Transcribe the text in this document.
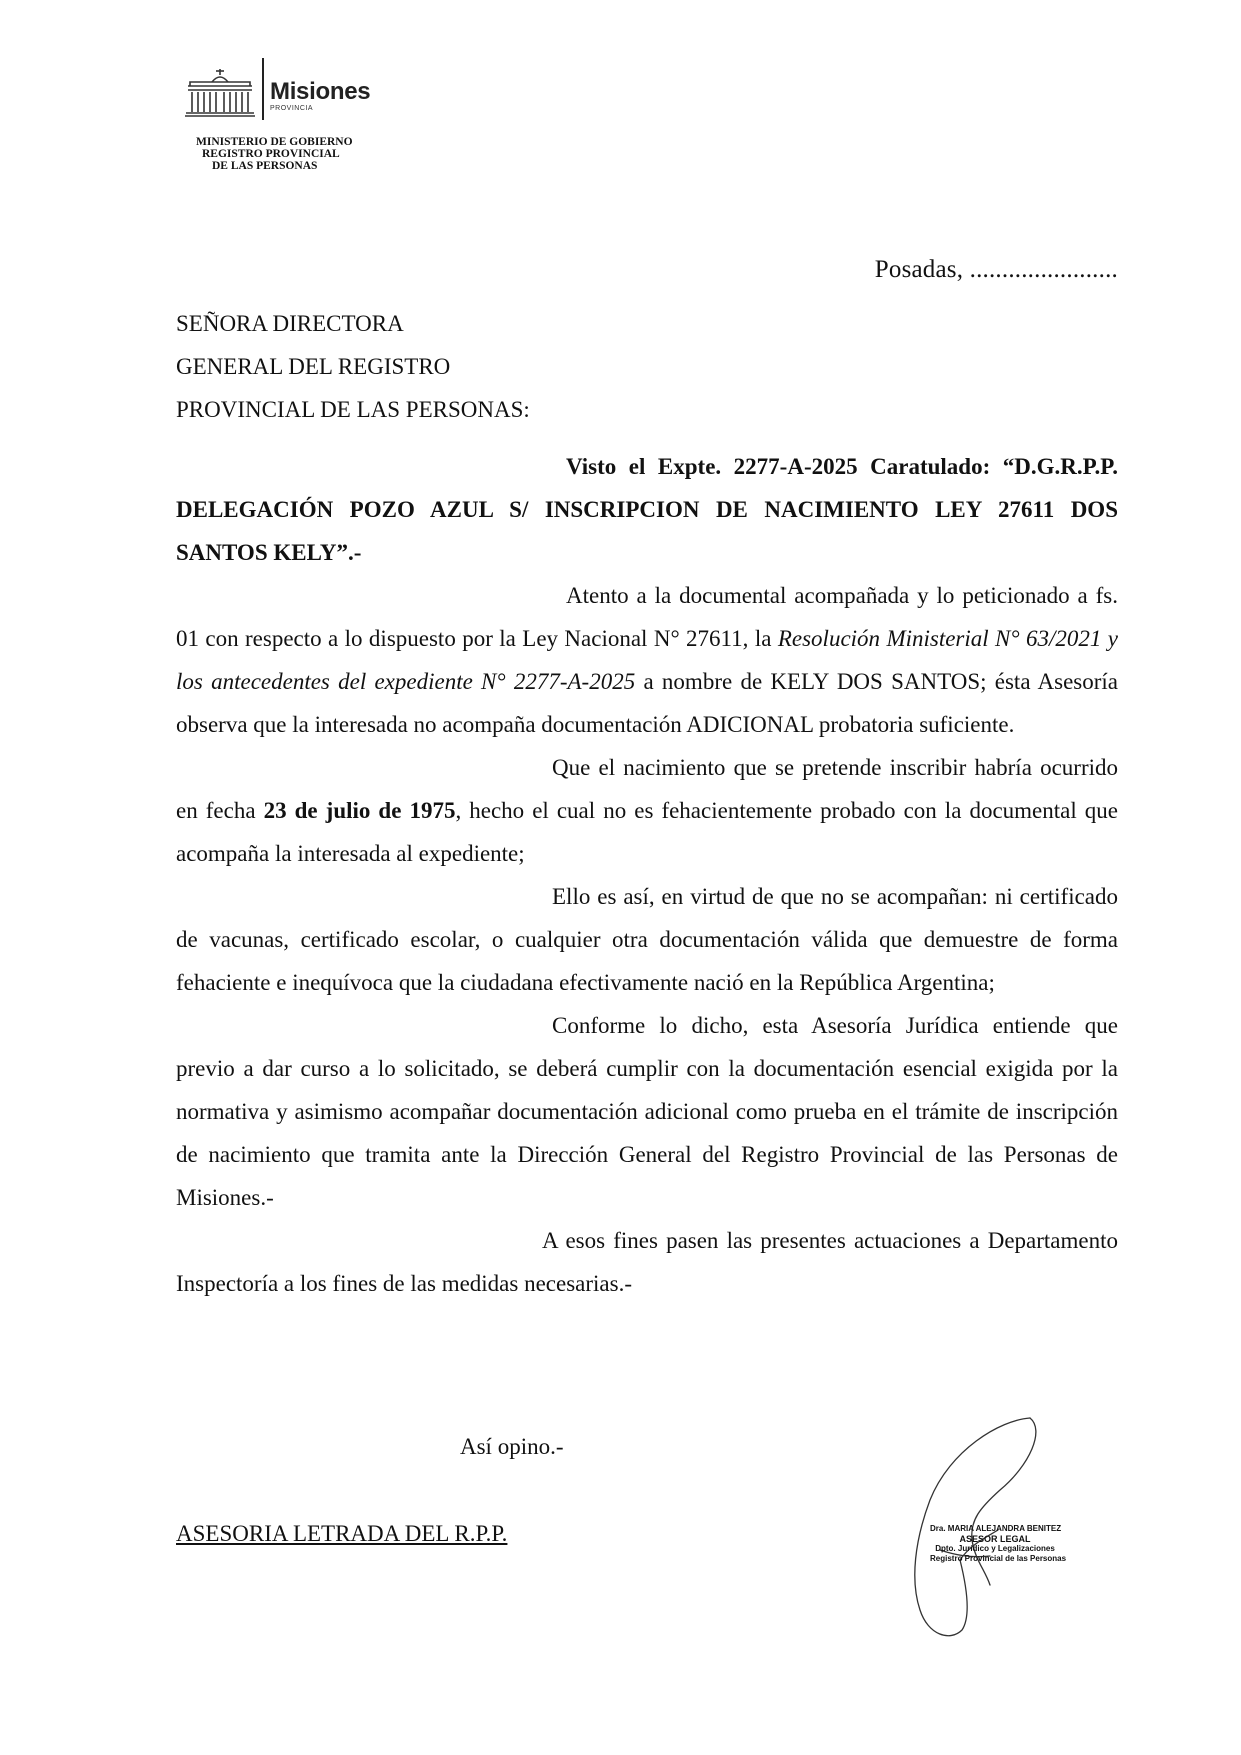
Misiones
PROVINCIA
MINISTERIO DE GOBIERNO
REGISTRO PROVINCIAL
DE LAS PERSONAS
Posadas, .......................
SEÑORA DIRECTORA
GENERAL DEL REGISTRO
PROVINCIAL DE LAS PERSONAS:

Visto el Expte. 2277-A-2025 Caratulado: “D.G.R.P.P. DELEGACIÓN POZO AZUL S/ INSCRIPCION DE NACIMIENTO LEY 27611 DOS SANTOS KELY”.-

Atento a la documental acompañada y lo peticionado a fs. 01 con respecto a lo dispuesto por la Ley Nacional N° 27611, la Resolución Ministerial N° 63/2021 y los antecedentes del expediente N° 2277-A-2025 a nombre de KELY DOS SANTOS; ésta Asesoría observa que la interesada no acompaña documentación ADICIONAL probatoria suficiente.

Que el nacimiento que se pretende inscribir habría ocurrido en fecha 23 de julio de 1975, hecho el cual no es fehacientemente probado con la documental que acompaña la interesada al expediente;

Ello es así, en virtud de que no se acompañan: ni certificado de vacunas, certificado escolar, o cualquier otra documentación válida que demuestre de forma fehaciente e inequívoca que la ciudadana efectivamente nació en la República Argentina;

Conforme lo dicho, esta Asesoría Jurídica entiende que previo a dar curso a lo solicitado, se deberá cumplir con la documentación esencial exigida por la normativa y asimismo acompañar documentación adicional como prueba en el trámite de inscripción de nacimiento que tramita ante la Dirección General del Registro Provincial de las Personas de Misiones.-

A esos fines pasen las presentes actuaciones a Departamento Inspectoría a los fines de las medidas necesarias.-

Así opino.-
ASESORIA LETRADA DEL R.P.P.	Dra. MARIA ALEJANDRA BENITEZ
ASESOR LEGAL
Dpto. Jurídico y Legalizaciones
Registro Provincial de las Personas
